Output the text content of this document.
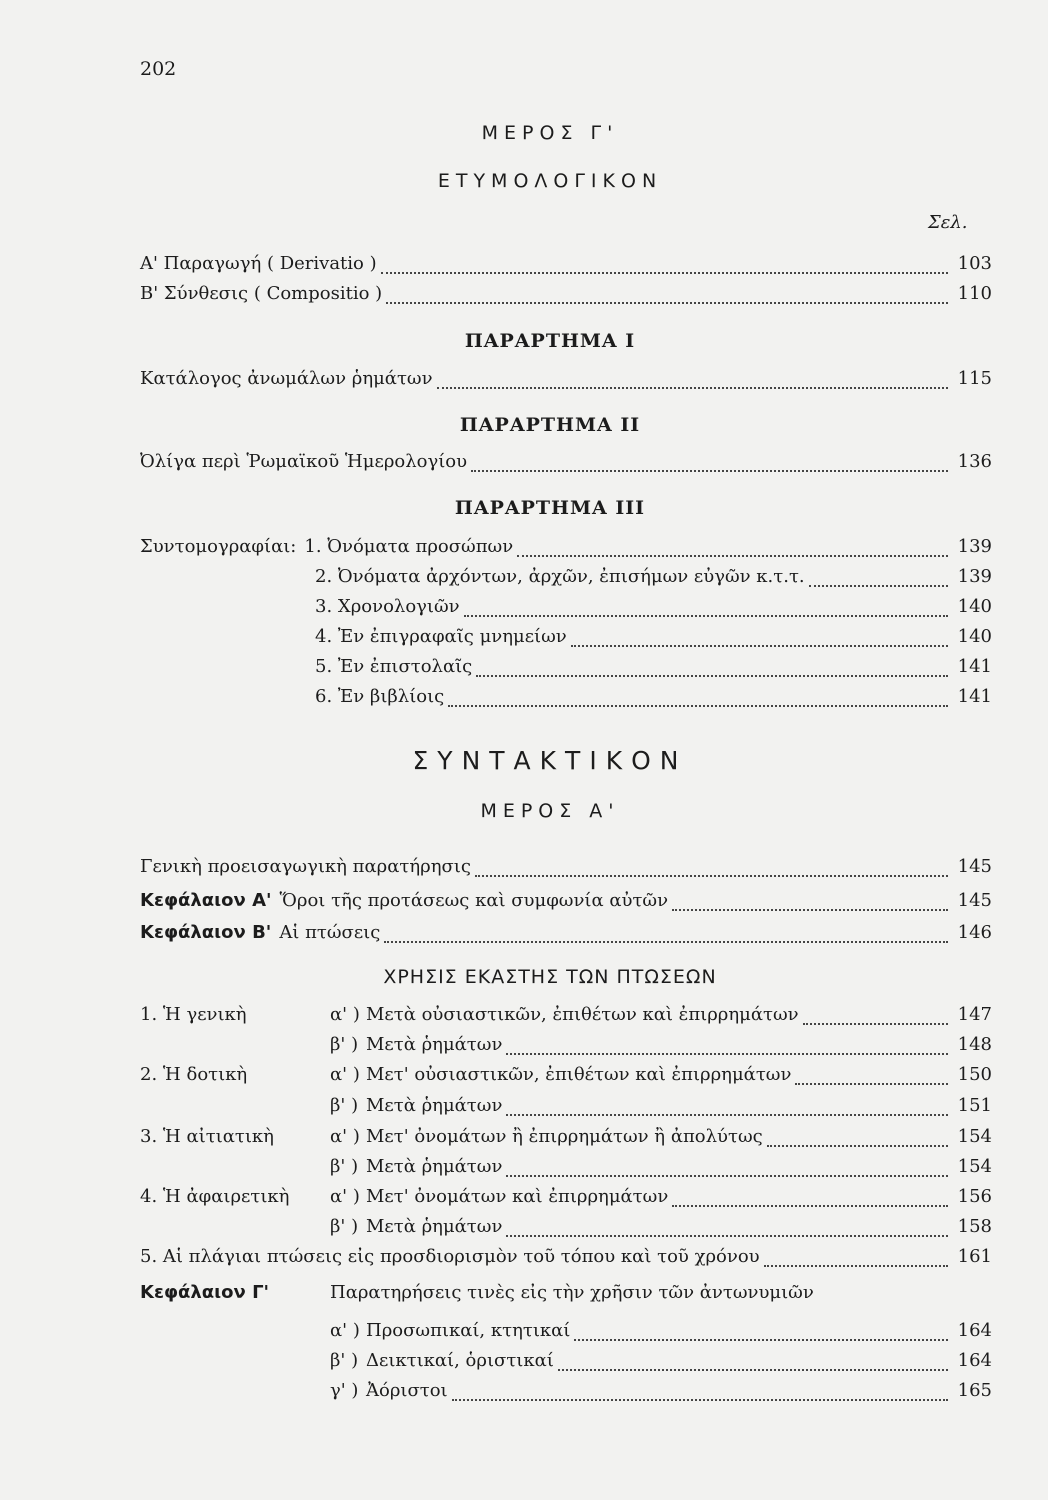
202
ΜΕΡΟΣ Γ'
ΕΤΥΜΟΛΟΓΙΚΟΝ
Σελ.
Α' Παραγωγή ( Derivatio )	103
Β' Σύνθεσις ( Compositio )	110
ΠΑΡΑΡΤΗΜΑ Ι
Κατάλογος ἀνωμάλων ῥημάτων	115
ΠΑΡΑΡΤΗΜΑ ΙΙ
Ὀλίγα περὶ Ῥωμαϊκοῦ Ἡμερολογίου	136
ΠΑΡΑΡΤΗΜΑ ΙΙΙ
Συντομογραφίαι: 1. Ὀνόματα προσώπων	139
2. Ὀνόματα ἀρχόντων, ἀρχῶν, ἐπισήμων εὐγῶν κ.τ.τ.	139
3. Χρονολογιῶν	140
4. Ἐν ἐπιγραφαῖς μνημείων	140
5. Ἐν ἐπιστολαῖς	141
6. Ἐν βιβλίοις	141
ΣΥΝΤΑΚΤΙΚΟΝ
ΜΕΡΟΣ Α'
Γενικὴ προεισαγωγικὴ παρατήρησις	145
Κεφάλαιον Α' Ὅροι τῆς προτάσεως καὶ συμφωνία αὐτῶν	145
Κεφάλαιον Β' Αἱ πτώσεις	146
ΧΡΗΣΙΣ ΕΚΑΣΤΗΣ ΤΩΝ ΠΤΩΣΕΩΝ
1. Ἡ γενικὴ	α' ) Μετὰ οὐσιαστικῶν, ἐπιθέτων καὶ ἐπιρρημάτων	147
β' ) Μετὰ ῥημάτων	148
2. Ἡ δοτικὴ	α' ) Μετ' οὐσιαστικῶν, ἐπιθέτων καὶ ἐπιρρημάτων	150
β' ) Μετὰ ῥημάτων	151
3. Ἡ αἰτιατικὴ	α' ) Μετ' ὀνομάτων ἢ ἐπιρρημάτων ἢ ἀπολύτως	154
β' ) Μετὰ ῥημάτων	154
4. Ἡ ἀφαιρετικὴ	α' ) Μετ' ὀνομάτων καὶ ἐπιρρημάτων	156
β' ) Μετὰ ῥημάτων	158
5. Αἱ πλάγιαι πτώσεις εἰς προσδιορισμὸν τοῦ τόπου καὶ τοῦ χρόνου	161
Κεφάλαιον Γ'	Παρατηρήσεις τινὲς εἰς τὴν χρῆσιν τῶν ἀντωνυμιῶν
α' ) Προσωπικαί, κτητικαί	164
β' ) Δεικτικαί, ὁριστικαί	164
γ' ) Ἀόριστοι	165
